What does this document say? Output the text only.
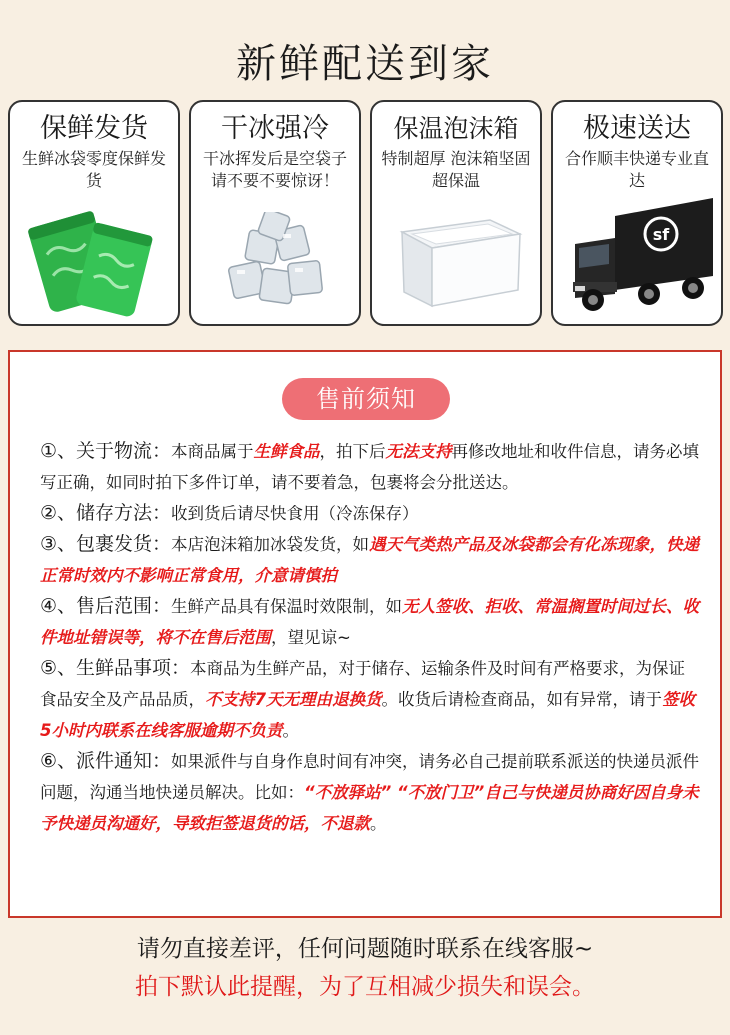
新鲜配送到家
保鲜发货
生鲜冰袋零度保鲜发货
干冰强冷
干冰挥发后是空袋子请不要不要惊讶！
保温泡沫箱
特制超厚 泡沫箱坚固 超保温
极速送达
合作顺丰快递专业直达
sf
售前须知
①、关于物流：本商品属于生鲜食品，拍下后无法支持再修改地址和收件信息，请务必填写正确，如同时拍下多件订单，请不要着急，包裹将会分批送达。
②、储存方法：收到货后请尽快食用（冷冻保存）
③、包裹发货：本店泡沫箱加冰袋发货，如遇天气类热产品及冰袋都会有化冻现象，快递正常时效内不影响正常食用，介意请慎拍
④、售后范围：生鲜产品具有保温时效限制，如无人签收、拒收、常温搁置时间过长、收件地址错误等，将不在售后范围，望见谅~
⑤、生鲜品事项：本商品为生鲜产品，对于储存、运输条件及时间有严格要求，为保证食品安全及产品品质，不支持7天无理由退换货。收货后请检查商品，如有异常，请于签收5小时内联系在线客服逾期不负责。
⑥、派件通知：如果派件与自身作息时间有冲突，请务必自己提前联系派送的快递员派件问题，沟通当地快递员解决。比如：“不放驿站” “不放门卫”自己与快递员协商好因自身未予快递员沟通好，导致拒签退货的话，不退款。
请勿直接差评，任何问题随时联系在线客服~
拍下默认此提醒，为了互相减少损失和误会。
